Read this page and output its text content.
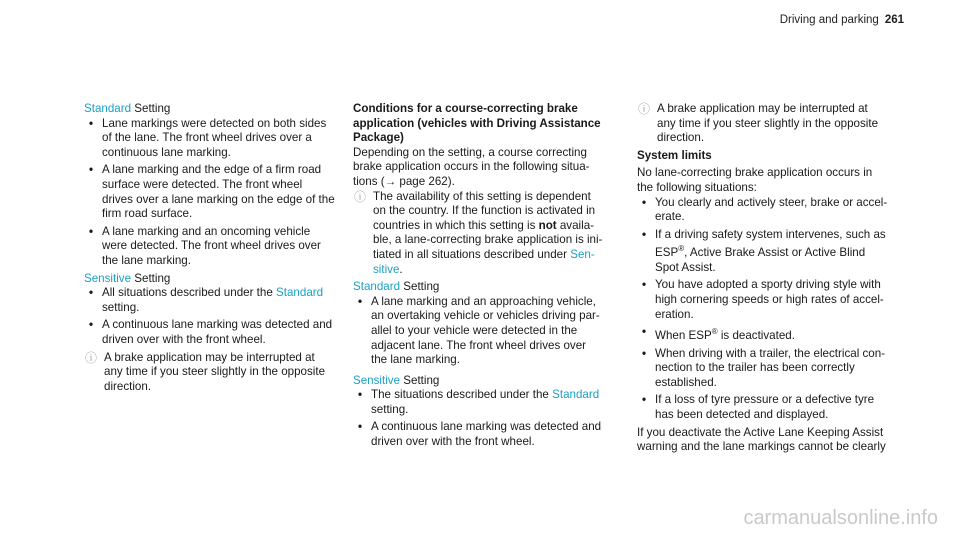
Driving and parking 261
Standard Setting
• Lane markings were detected on both sides
of the lane. The front wheel drives over a
continuous lane marking.
• A lane marking and the edge of a firm road
surface were detected. The front wheel
drives over a lane marking on the edge of the
firm road surface.
• A lane marking and an oncoming vehicle
were detected. The front wheel drives over
the lane marking.
Sensitive Setting
• All situations described under the Standard
setting.
• A continuous lane marking was detected and
driven over with the front wheel.
ⓘ A brake application may be interrupted at
any time if you steer slightly in the opposite
direction.
Conditions for a course-correcting brake
application (vehicles with Driving Assistance
Package)
Depending on the setting, a course correcting
brake application occurs in the following situa-
tions (→ page 262).
ⓘ The availability of this setting is dependent
on the country. If the function is activated in
countries in which this setting is not availa-
ble, a lane-correcting brake application is ini-
tiated in all situations described under Sen-
sitive.
Standard Setting
• A lane marking and an approaching vehicle,
an overtaking vehicle or vehicles driving par-
allel to your vehicle were detected in the
adjacent lane. The front wheel drives over
the lane marking.
Sensitive Setting
• The situations described under the Standard
setting.
• A continuous lane marking was detected and
driven over with the front wheel.
ⓘ A brake application may be interrupted at
any time if you steer slightly in the opposite
direction.
System limits
No lane-correcting brake application occurs in
the following situations:
• You clearly and actively steer, brake or accel-
erate.
• If a driving safety system intervenes, such as
ESP®, Active Brake Assist or Active Blind
Spot Assist.
• You have adopted a sporty driving style with
high cornering speeds or high rates of accel-
eration.
• When ESP® is deactivated.
• When driving with a trailer, the electrical con-
nection to the trailer has been correctly
established.
• If a loss of tyre pressure or a defective tyre
has been detected and displayed.
If you deactivate the Active Lane Keeping Assist
warning and the lane markings cannot be clearly
carmanualsonline.info
